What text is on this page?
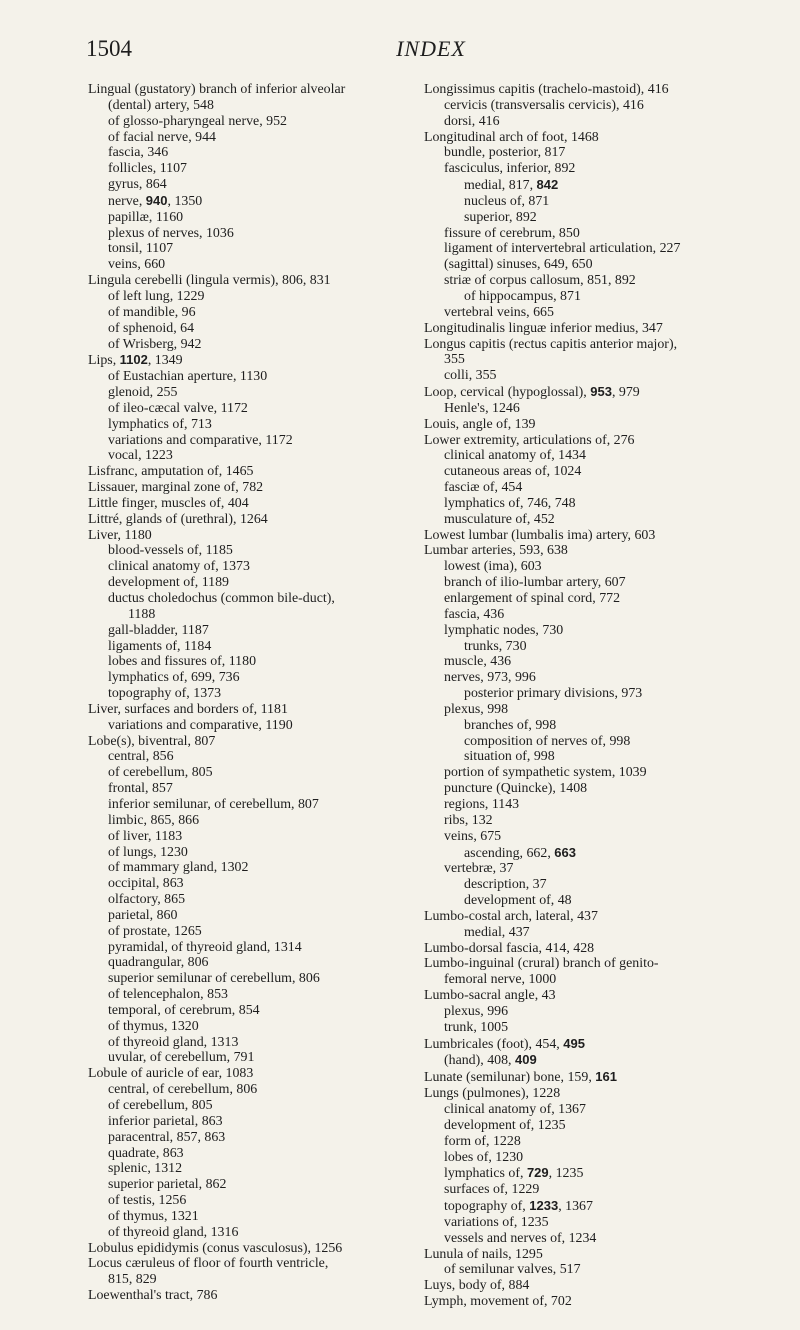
1504	INDEX
Lingual (gustatory) branch of inferior alveolar
(dental) artery, 548
of glosso-pharyngeal nerve, 952
of facial nerve, 944
fascia, 346
follicles, 1107
gyrus, 864
nerve, 940, 1350
papillæ, 1160
plexus of nerves, 1036
tonsil, 1107
veins, 660
Lingula cerebelli (lingula vermis), 806, 831
of left lung, 1229
of mandible, 96
of sphenoid, 64
of Wrisberg, 942
Lips, 1102, 1349
of Eustachian aperture, 1130
glenoid, 255
of ileo-cæcal valve, 1172
lymphatics of, 713
variations and comparative, 1172
vocal, 1223
Lisfranc, amputation of, 1465
Lissauer, marginal zone of, 782
Little finger, muscles of, 404
Littré, glands of (urethral), 1264
Liver, 1180
blood-vessels of, 1185
clinical anatomy of, 1373
development of, 1189
ductus choledochus (common bile-duct),
1188
gall-bladder, 1187
ligaments of, 1184
lobes and fissures of, 1180
lymphatics of, 699, 736
topography of, 1373
Liver, surfaces and borders of, 1181
variations and comparative, 1190
Lobe(s), biventral, 807
central, 856
of cerebellum, 805
frontal, 857
inferior semilunar, of cerebellum, 807
limbic, 865, 866
of liver, 1183
of lungs, 1230
of mammary gland, 1302
occipital, 863
olfactory, 865
parietal, 860
of prostate, 1265
pyramidal, of thyreoid gland, 1314
quadrangular, 806
superior semilunar of cerebellum, 806
of telencephalon, 853
temporal, of cerebrum, 854
of thymus, 1320
of thyreoid gland, 1313
uvular, of cerebellum, 791
Lobule of auricle of ear, 1083
central, of cerebellum, 806
of cerebellum, 805
inferior parietal, 863
paracentral, 857, 863
quadrate, 863
splenic, 1312
superior parietal, 862
of testis, 1256
of thymus, 1321
of thyreoid gland, 1316
Lobulus epididymis (conus vasculosus), 1256
Locus cæruleus of floor of fourth ventricle,
815, 829
Loewenthal's tract, 786
Longissimus capitis (trachelo-mastoid), 416
cervicis (transversalis cervicis), 416
dorsi, 416
Longitudinal arch of foot, 1468
bundle, posterior, 817
fasciculus, inferior, 892
medial, 817, 842
nucleus of, 871
superior, 892
fissure of cerebrum, 850
ligament of intervertebral articulation, 227
(sagittal) sinuses, 649, 650
striæ of corpus callosum, 851, 892
of hippocampus, 871
vertebral veins, 665
Longitudinalis linguæ inferior medius, 347
Longus capitis (rectus capitis anterior major),
355
colli, 355
Loop, cervical (hypoglossal), 953, 979
Henle's, 1246
Louis, angle of, 139
Lower extremity, articulations of, 276
clinical anatomy of, 1434
cutaneous areas of, 1024
fasciæ of, 454
lymphatics of, 746, 748
musculature of, 452
Lowest lumbar (lumbalis ima) artery, 603
Lumbar arteries, 593, 638
lowest (ima), 603
branch of ilio-lumbar artery, 607
enlargement of spinal cord, 772
fascia, 436
lymphatic nodes, 730
trunks, 730
muscle, 436
nerves, 973, 996
posterior primary divisions, 973
plexus, 998
branches of, 998
composition of nerves of, 998
situation of, 998
portion of sympathetic system, 1039
puncture (Quincke), 1408
regions, 1143
ribs, 132
veins, 675
ascending, 662, 663
vertebræ, 37
description, 37
development of, 48
Lumbo-costal arch, lateral, 437
medial, 437
Lumbo-dorsal fascia, 414, 428
Lumbo-inguinal (crural) branch of genito-
femoral nerve, 1000
Lumbo-sacral angle, 43
plexus, 996
trunk, 1005
Lumbricales (foot), 454, 495
(hand), 408, 409
Lunate (semilunar) bone, 159, 161
Lungs (pulmones), 1228
clinical anatomy of, 1367
development of, 1235
form of, 1228
lobes of, 1230
lymphatics of, 729, 1235
surfaces of, 1229
topography of, 1233, 1367
variations of, 1235
vessels and nerves of, 1234
Lunula of nails, 1295
of semilunar valves, 517
Luys, body of, 884
Lymph, movement of, 702
